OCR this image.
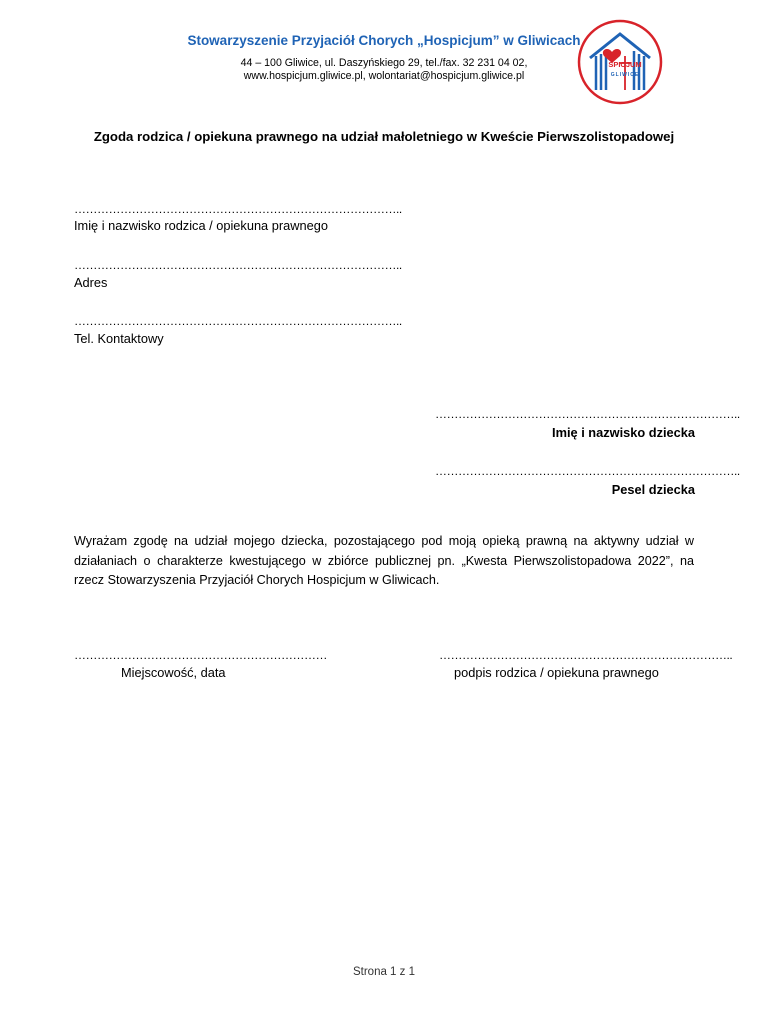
Stowarzyszenie Przyjaciół Chorych „Hospicjum” w Gliwicach
44 – 100 Gliwice, ul. Daszyńskiego 29, tel./fax. 32 231 04 02,
www.hospicjum.gliwice.pl, wolontariat@hospicjum.gliwice.pl
SPICJUM
GLIWICE
Zgoda rodzica / opiekuna prawnego na udział małoletniego w Kweście Pierwszolistopadowej
…………………………………………………………………………..
Imię i nazwisko rodzica / opiekuna prawnego
…………………………………………………………………………..
Adres
…………………………………………………………………………..
Tel. Kontaktowy
……………………………………………………………………..
Imię i nazwisko dziecka
……………………………………………………………………..
Pesel dziecka
Wyrażam zgodę na udział mojego dziecka, pozostającego pod moją opieką prawną na aktywny udział w działaniach o charakterze kwestującego w zbiórce publicznej pn. „Kwesta Pierwszolistopadowa 2022”, na rzecz Stowarzyszenia Przyjaciół Chorych Hospicjum w Gliwicach.
…………………………………………………………
Miejscowość, data
…………………………………………………………………..
podpis rodzica / opiekuna prawnego
Strona 1 z 1
